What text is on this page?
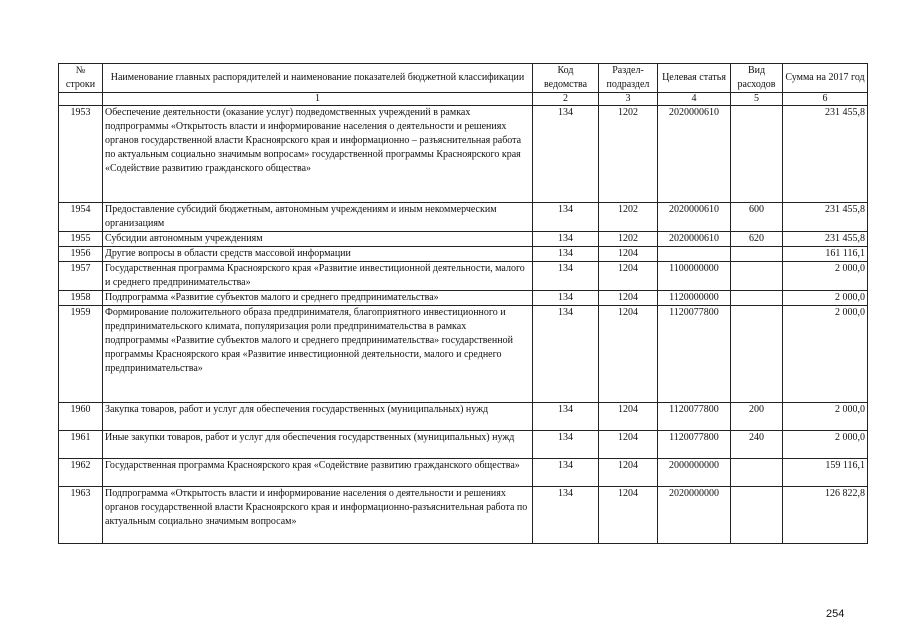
№ строки	Наименование главных распорядителей и наименование показателей бюджетной классификации	Код ведомства	Раздел- подраздел	Целевая статья	Вид расходов	Сумма на 2017 год
	1	2	3	4	5	6
1953	Обеспечение деятельности (оказание услуг) подведомственных учреждений в рамках подпрограммы «Открытость власти и информирование населения о деятельности и решениях органов государственной власти Красноярского края и информационно – разъяснительная работа по актуальным социально значимым вопросам» государственной программы Красноярского края «Содействие развитию гражданского общества»	134	1202	2020000610		231 455,8
1954	Предоставление субсидий бюджетным, автономным учреждениям и иным некоммерческим организациям	134	1202	2020000610	600	231 455,8
1955	Субсидии автономным учреждениям	134	1202	2020000610	620	231 455,8
1956	Другие вопросы в области средств массовой информации	134	1204			161 116,1
1957	Государственная программа Красноярского края «Развитие инвестиционной деятельности, малого и среднего предпринимательства»	134	1204	1100000000		2 000,0
1958	Подпрограмма «Развитие субъектов малого и среднего предпринимательства»	134	1204	1120000000		2 000,0
1959	Формирование положительного образа предпринимателя, благоприятного инвестиционного и предпринимательского климата, популяризация роли предпринимательства в рамках подпрограммы «Развитие субъектов малого и среднего предпринимательства» государственной программы Красноярского края «Развитие инвестиционной деятельности, малого и среднего предпринимательства»	134	1204	1120077800		2 000,0
1960	Закупка товаров, работ и услуг для обеспечения государственных (муниципальных) нужд	134	1204	1120077800	200	2 000,0
1961	Иные закупки товаров, работ и услуг для обеспечения государственных (муниципальных) нужд	134	1204	1120077800	240	2 000,0
1962	Государственная программа Красноярского края «Содействие развитию гражданского общества»	134	1204	2000000000		159 116,1
1963	Подпрограмма «Открытость власти и информирование населения о деятельности и решениях органов государственной власти Красноярского края и информационно-разъяснительная работа по актуальным социально значимым вопросам»	134	1204	2020000000		126 822,8
254
